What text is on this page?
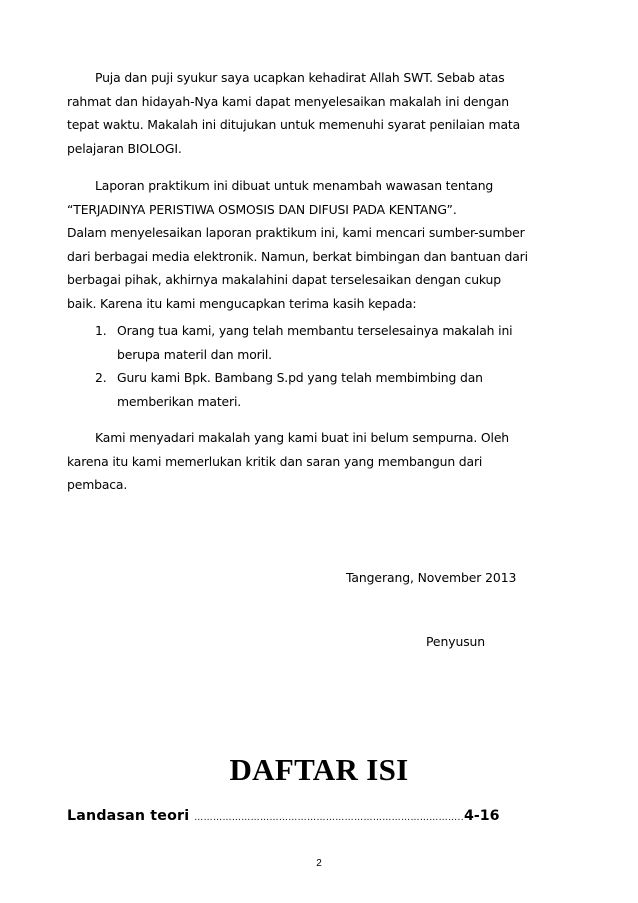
Puja dan puji syukur saya ucapkan kehadirat Allah SWT. Sebab atas
rahmat dan hidayah-Nya kami dapat menyelesaikan makalah ini dengan
tepat waktu. Makalah ini ditujukan untuk memenuhi syarat penilaian mata
pelajaran BIOLOGI.

Laporan praktikum ini dibuat untuk menambah wawasan tentang
“TERJADINYA PERISTIWA OSMOSIS DAN DIFUSI PADA KENTANG”.
Dalam menyelesaikan laporan praktikum ini, kami mencari sumber-sumber
dari berbagai media elektronik. Namun, berkat bimbingan dan bantuan dari
berbagai pihak, akhirnya makalahini dapat terselesaikan dengan cukup
baik. Karena itu kami mengucapkan terima kasih kepada:

1. Orang tua kami, yang telah membantu terselesainya makalah ini
berupa materil dan moril.
2. Guru kami Bpk. Bambang S.pd yang telah membimbing dan
memberikan materi.

Kami menyadari makalah yang kami buat ini belum sempurna. Oleh
karena itu kami memerlukan kritik dan saran yang membangun dari
pembaca.

Tangerang, November 2013
Penyusun
DAFTAR ISI
Landasan teori …………………………………………………………………………..4-16
2
